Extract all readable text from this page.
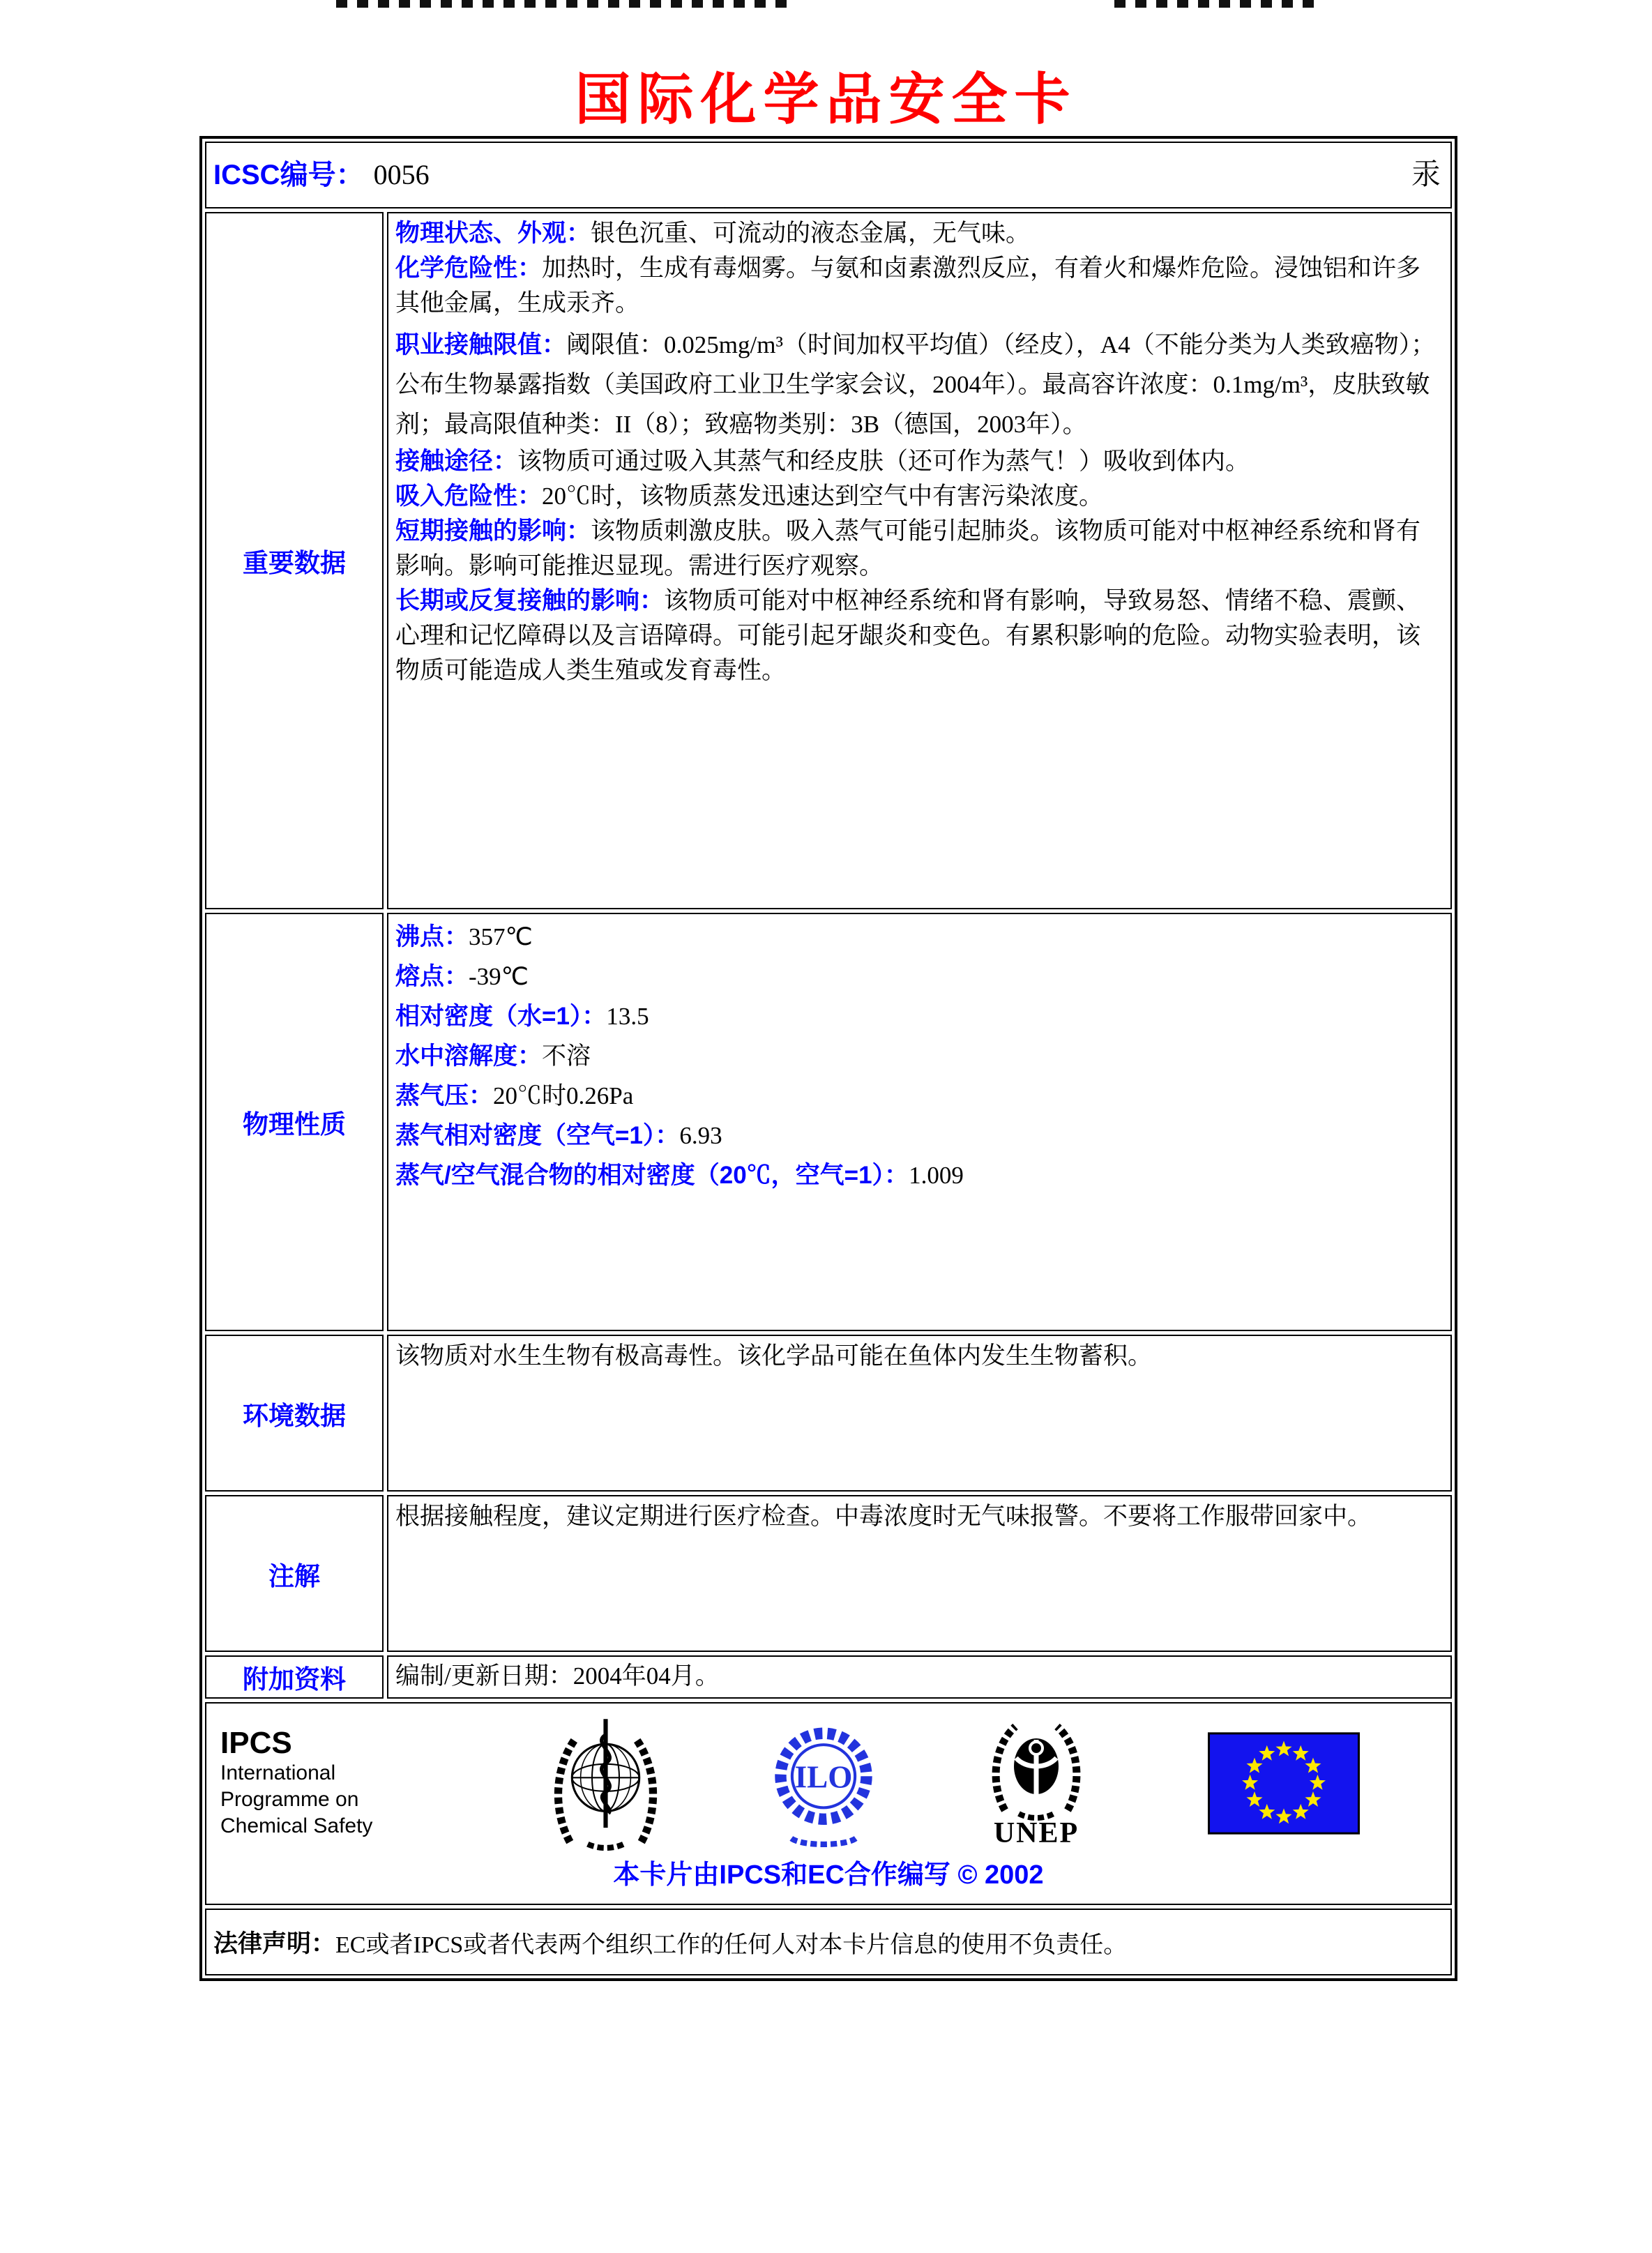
国际化学品安全卡
ICSC编号： 0056	汞
重要数据

物理状态、外观：银色沉重、可流动的液态金属，无气味。

化学危险性：加热时，生成有毒烟雾。与氨和卤素激烈反应，有着火和爆炸危险。浸蚀铝和许多其他金属，生成汞齐。

职业接触限值：阈限值：0.025mg/m³（时间加权平均值）（经皮），A4（不能分类为人类致癌物）；公布生物暴露指数（美国政府工业卫生学家会议，2004年）。最高容许浓度：0.1mg/m³，皮肤致敏剂；最高限值种类：II（8）；致癌物类别：3B（德国，2003年）。

接触途径：该物质可通过吸入其蒸气和经皮肤（还可作为蒸气！）吸收到体内。

吸入危险性：20℃时，该物质蒸发迅速达到空气中有害污染浓度。

短期接触的影响：该物质刺激皮肤。吸入蒸气可能引起肺炎。该物质可能对中枢神经系统和肾有影响。影响可能推迟显现。需进行医疗观察。

长期或反复接触的影响：该物质可能对中枢神经系统和肾有影响，导致易怒、情绪不稳、震颤、心理和记忆障碍以及言语障碍。可能引起牙龈炎和变色。有累积影响的危险。动物实验表明，该物质可能造成人类生殖或发育毒性。

物理性质

沸点：357℃

熔点：-39℃

相对密度（水=1）：13.5

水中溶解度：不溶

蒸气压：20℃时0.26Pa

蒸气相对密度（空气=1）：6.93

蒸气/空气混合物的相对密度（20℃，空气=1）：1.009

环境数据
该物质对水生生物有极高毒性。该化学品可能在鱼体内发生生物蓄积。
注解
根据接触程度，建议定期进行医疗检查。中毒浓度时无气味报警。不要将工作服带回家中。
附加资料	编制/更新日期：2004年04月。
IPCS
International
Programme on
Chemical Safety
ILO
UNEP
本卡片由IPCS和EC合作编写 © 2002
法律声明： EC或者IPCS或者代表两个组织工作的任何人对本卡片信息的使用不负责任。
